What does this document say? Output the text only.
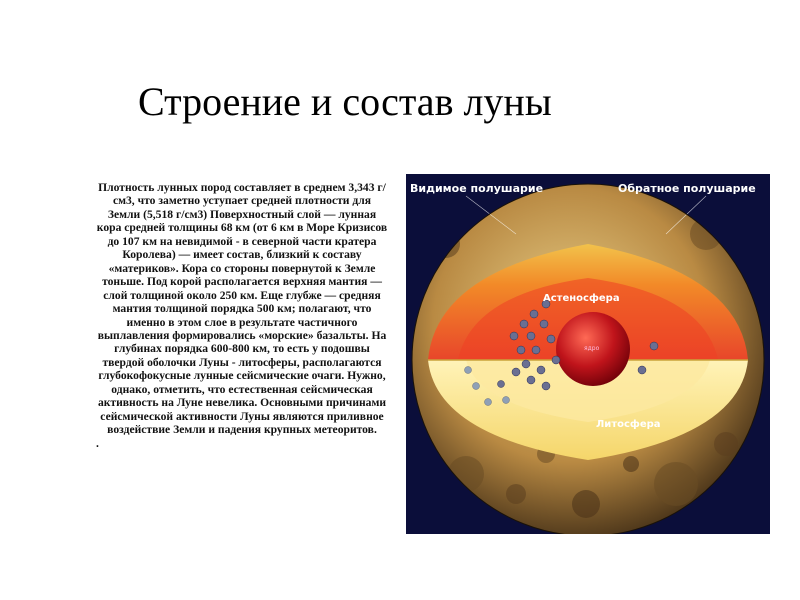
Строение и состав луны
Плотность лунных пород составляет в среднем 3,343 г/см3, что заметно уступает средней плотности для Земли (5,518 г/см3) Поверхностный слой — лунная кора средней толщины 68 км (от 6 км в Море Кризисов до 107 км на невидимой - в северной части кратера Королева) — имеет состав, близкий к составу «материков». Кора со стороны повернутой к Земле тоньше. Под корой располагается верхняя мантия — слой толщиной около 250 км. Еще глубже — средняя мантия толщиной порядка 500 км; полагают, что именно в этом слое в результате частичного выплавления формировались «морские» базальты. На глубинах порядка 600-800 км, то есть у подошвы твердой оболочки Луны - литосферы, располагаются глубокофокусные лунные сейсмические очаги. Нужно, однако, отметить, что естественная сейсмическая активность на Луне невелика. Основными причинами сейсмической активности Луны являются приливное воздействие Земли и падения крупных метеоритов.
.
Видимое полушарие	Обратное полушарие
Астеносфера
ядро
Литосфера
